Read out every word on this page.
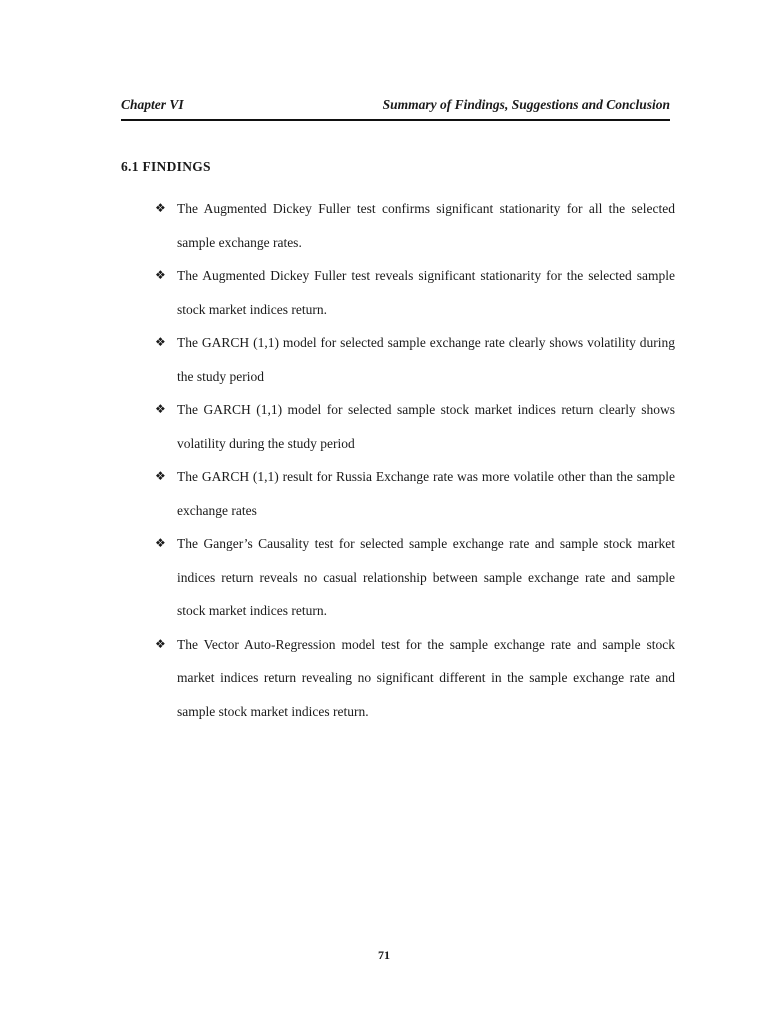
Chapter VI	Summary of Findings, Suggestions and Conclusion
6.1 FINDINGS
❖ The Augmented Dickey Fuller test confirms significant stationarity for all the selected sample exchange rates.
❖ The Augmented Dickey Fuller test reveals significant stationarity for the selected sample stock market indices return.
❖ The GARCH (1,1) model for selected sample exchange rate clearly shows volatility during the study period
❖ The GARCH (1,1) model for selected sample stock market indices return clearly shows volatility during the study period
❖ The GARCH (1,1) result for Russia Exchange rate was more volatile other than the sample exchange rates
❖ The Ganger’s Causality test for selected sample exchange rate and sample stock market indices return reveals no casual relationship between sample exchange rate and sample stock market indices return.
❖ The Vector Auto-Regression model test for the sample exchange rate and sample stock market indices return revealing no significant different in the sample exchange rate and sample stock market indices return.
71
